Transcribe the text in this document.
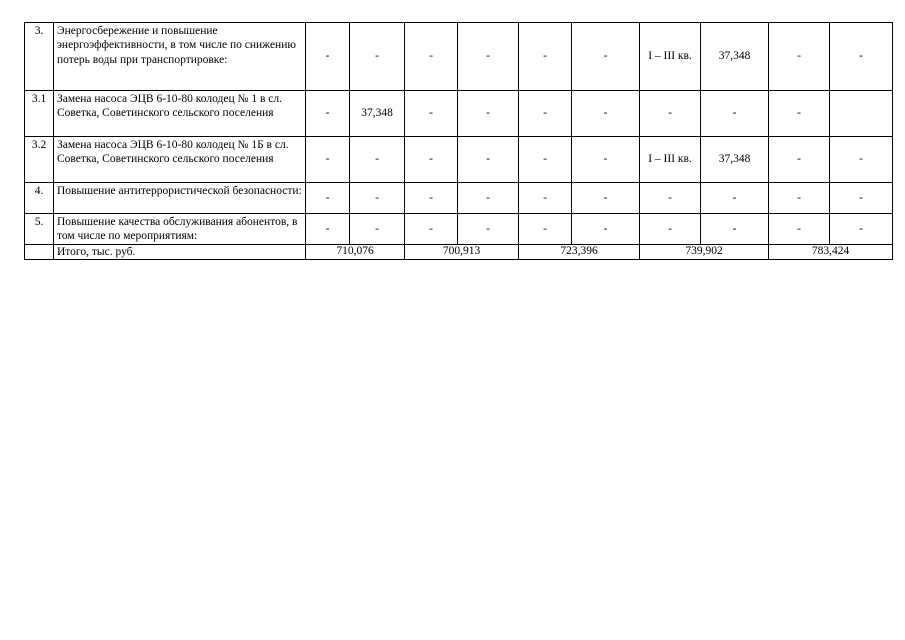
3.	Энергосбережение и повышение энергоэффективности, в том числе по снижению потерь воды при транспортировке:	-	-	-	-	-	-	I – III кв.	37,348	-	-
3.1	Замена насоса ЭЦВ 6-10-80 колодец № 1 в сл. Советка, Советинского сельского поселения	-	37,348	-	-	-	-	-	-	-	
3.2	Замена насоса ЭЦВ 6-10-80 колодец № 1Б в сл. Советка, Советинского сельского поселения	-	-	-	-	-	-	I – III кв.	37,348	-	-
4.	Повышение антитеррористической безопасности:	-	-	-	-	-	-	-	-	-	-
5.	Повышение качества обслуживания абонентов, в том числе по мероприятиям:	-	-	-	-	-	-	-	-	-	-
	Итого, тыс. руб.	710,076		700,913		723,396		739,902		783,424	
